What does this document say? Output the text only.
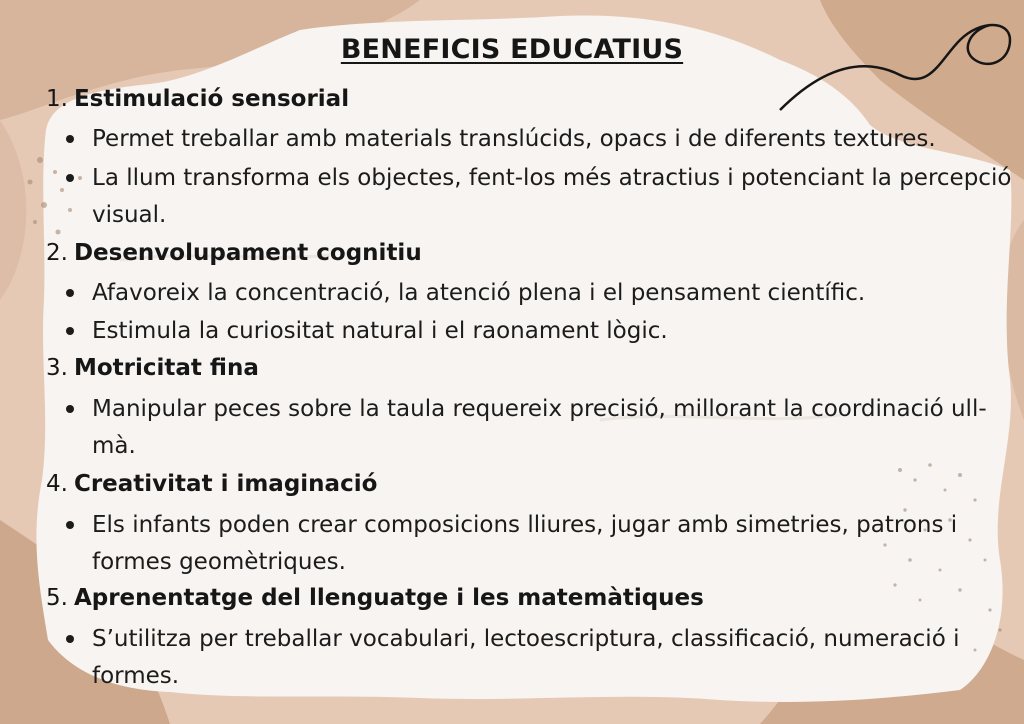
BENEFICIS EDUCATIUS
1. Estimulació sensorial
Permet treballar amb materials translúcids, opacs i de diferents textures.
La llum transforma els objectes, fent-los més atractius i potenciant la percepció visual.
2. Desenvolupament cognitiu
Afavoreix la concentració, la atenció plena i el pensament científic.
Estimula la curiositat natural i el raonament lògic.
3. Motricitat fina
Manipular peces sobre la taula requereix precisió, millorant la coordinació ull-mà.
4. Creativitat i imaginació
Els infants poden crear composicions lliures, jugar amb simetries, patrons i formes geomètriques.
5. Aprenentatge del llenguatge i les matemàtiques
S’utilitza per treballar vocabulari, lectoescriptura, classificació, numeració i formes.
